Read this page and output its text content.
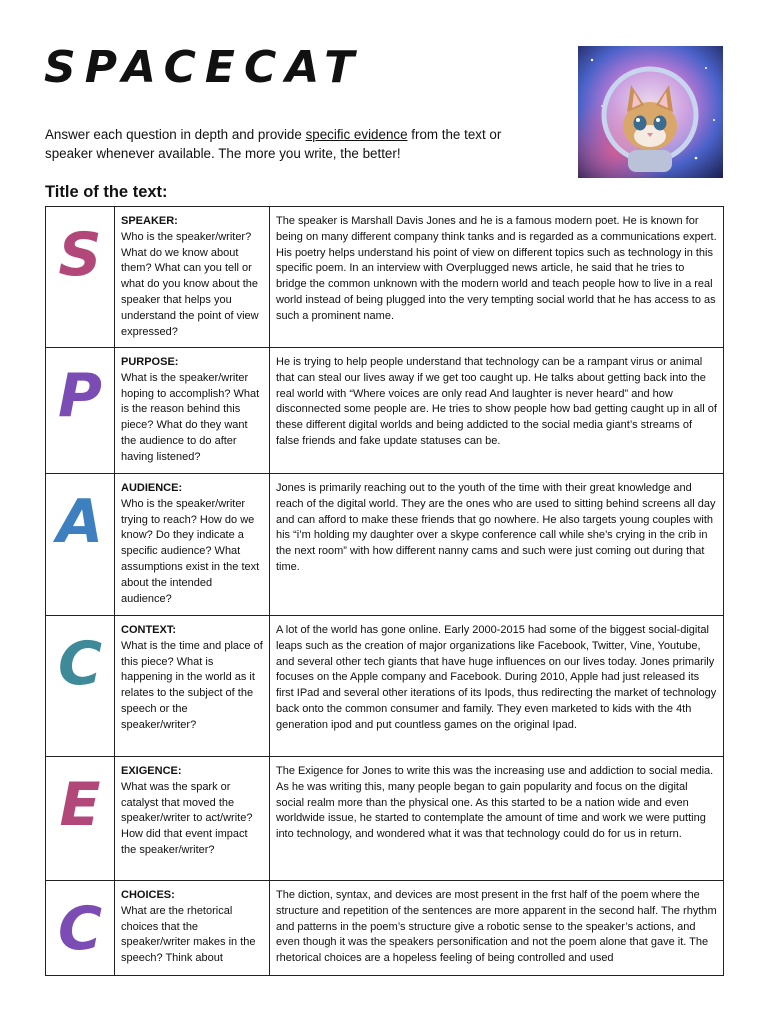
SPACECAT
Answer each question in depth and provide specific evidence from the text or speaker whenever available. The more you write, the better!
Title of the text:
S	SPEAKER:
Who is the speaker/writer? What do we know about them? What can you tell or what do you know about the speaker that helps you understand the point of view expressed?	The speaker is Marshall Davis Jones and he is a famous modern poet. He is known for being on many different company think tanks and is regarded as a communications expert. His poetry helps understand his point of view on different topics such as technology in this specific poem. In an interview with Overplugged news article, he said that he tries to bridge the common unknown with the modern world and teach people how to live in a real world instead of being plugged into the very tempting social world that he has access to as such a prominent name.

P	PURPOSE:
What is the speaker/writer hoping to accomplish? What is the reason behind this piece? What do they want the audience to do after having listened?	He is trying to help people understand that technology can be a rampant virus or animal that can steal our lives away if we get too caught up. He talks about getting back into the real world with “Where voices are only read And laughter is never heard” and how disconnected some people are. He tries to show people how bad getting caught up in all of these different digital worlds and being addicted to the social media giant’s streams of false friends and fake update statuses can be.

A	AUDIENCE:
Who is the speaker/writer trying to reach? How do we know? Do they indicate a specific audience? What assumptions exist in the text about the intended audience?	Jones is primarily reaching out to the youth of the time with their great knowledge and reach of the digital world. They are the ones who are used to sitting behind screens all day and can afford to make these friends that go nowhere. He also targets young couples with his “i’m holding my daughter over a skype conference call while she’s crying in the crib in the next room” with how different nanny cams and such were just coming out during that time.

C	CONTEXT:
What is the time and place of this piece? What is happening in the world as it relates to the subject of the speech or the speaker/writer?	A lot of the world has gone online. Early 2000-2015 had some of the biggest social-digital leaps such as the creation of major organizations like Facebook, Twitter, Vine, Youtube, and several other tech giants that have huge influences on our lives today. Jones primarily focuses on the Apple company and Facebook. During 2010, Apple had just released its first IPad and several other iterations of its Ipods, thus redirecting the market of technology back onto the common consumer and family. They even marketed to kids with the 4th generation ipod and put countless games on the original Ipad.

E	EXIGENCE:
What was the spark or catalyst that moved the speaker/writer to act/write? How did that event impact the speaker/writer?	The Exigence for Jones to write this was the increasing use and addiction to social media. As he was writing this, many people began to gain popularity and focus on the digital social realm more than the physical one. As this started to be a nation wide and even worldwide issue, he started to contemplate the amount of time and work we were putting into technology, and wondered what it was that technology could do for us in return.

C	CHOICES:
What are the rhetorical choices that the speaker/writer makes in the speech? Think about	The diction, syntax, and devices are most present in the frst half of the poem where the structure and repetition of the sentences are more apparent in the second half. The rhythm and patterns in the poem’s structure give a robotic sense to the speaker’s actions, and even though it was the speakers personification and not the poem alone that gave it. The rhetorical choices are a hopeless feeling of being controlled and used
